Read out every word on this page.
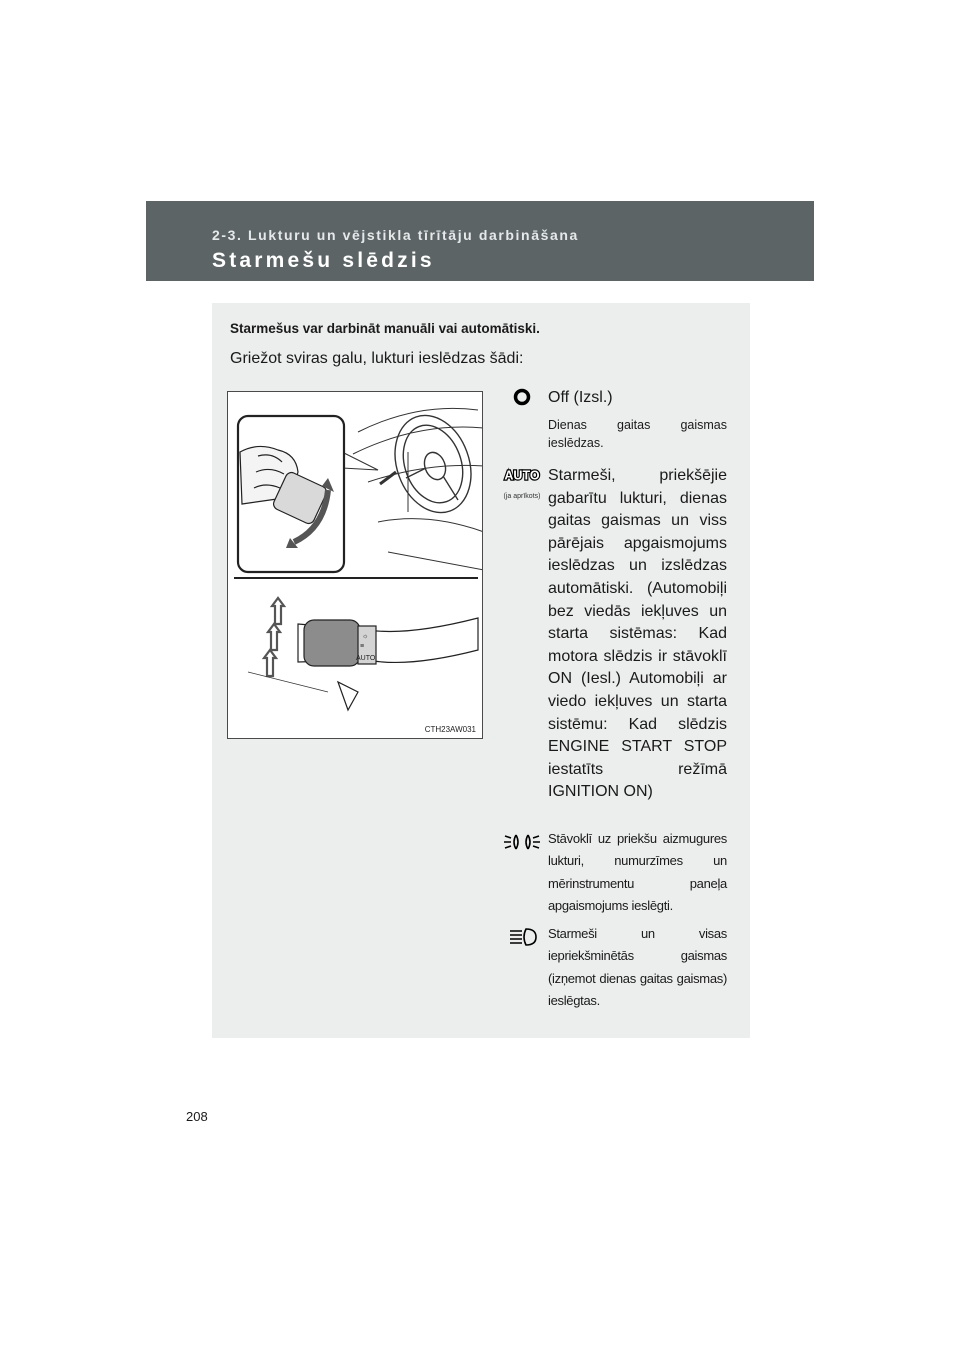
2-3. Lukturu un vējstikla tīrītāju darbināšana
Starmešu slēdzis
Starmešus var darbināt manuāli vai automātiski.
Griežot sviras galu, lukturi ieslēdzas šādi:
☼
≡
AUTO
CTH23AW031
Off (Izsl.)
Dienas gaitas gaismas ieslēdzas.
AUTO
(ja aprīkots)
Starmeši, priekšējie gabarītu lukturi, dienas gaitas gaismas un viss pārējais apgaismojums ieslēdzas un izslēdzas automātiski. (Automobiļi bez viedās iekļuves un starta sistēmas: Kad motora slēdzis ir stāvoklī ON (Iesl.) Automobiļi ar viedo iekļuves un starta sistēmu: Kad slēdzis ENGINE START STOP iestatīts režīmā IGNITION ON)
Stāvoklī uz priekšu aizmugures lukturi, numurzīmes un mērinstrumentu paneļa apgaismojums ieslēgti.
Starmeši un visas iepriekšminētās gaismas (izņemot dienas gaitas gaismas) ieslēgtas.
208
